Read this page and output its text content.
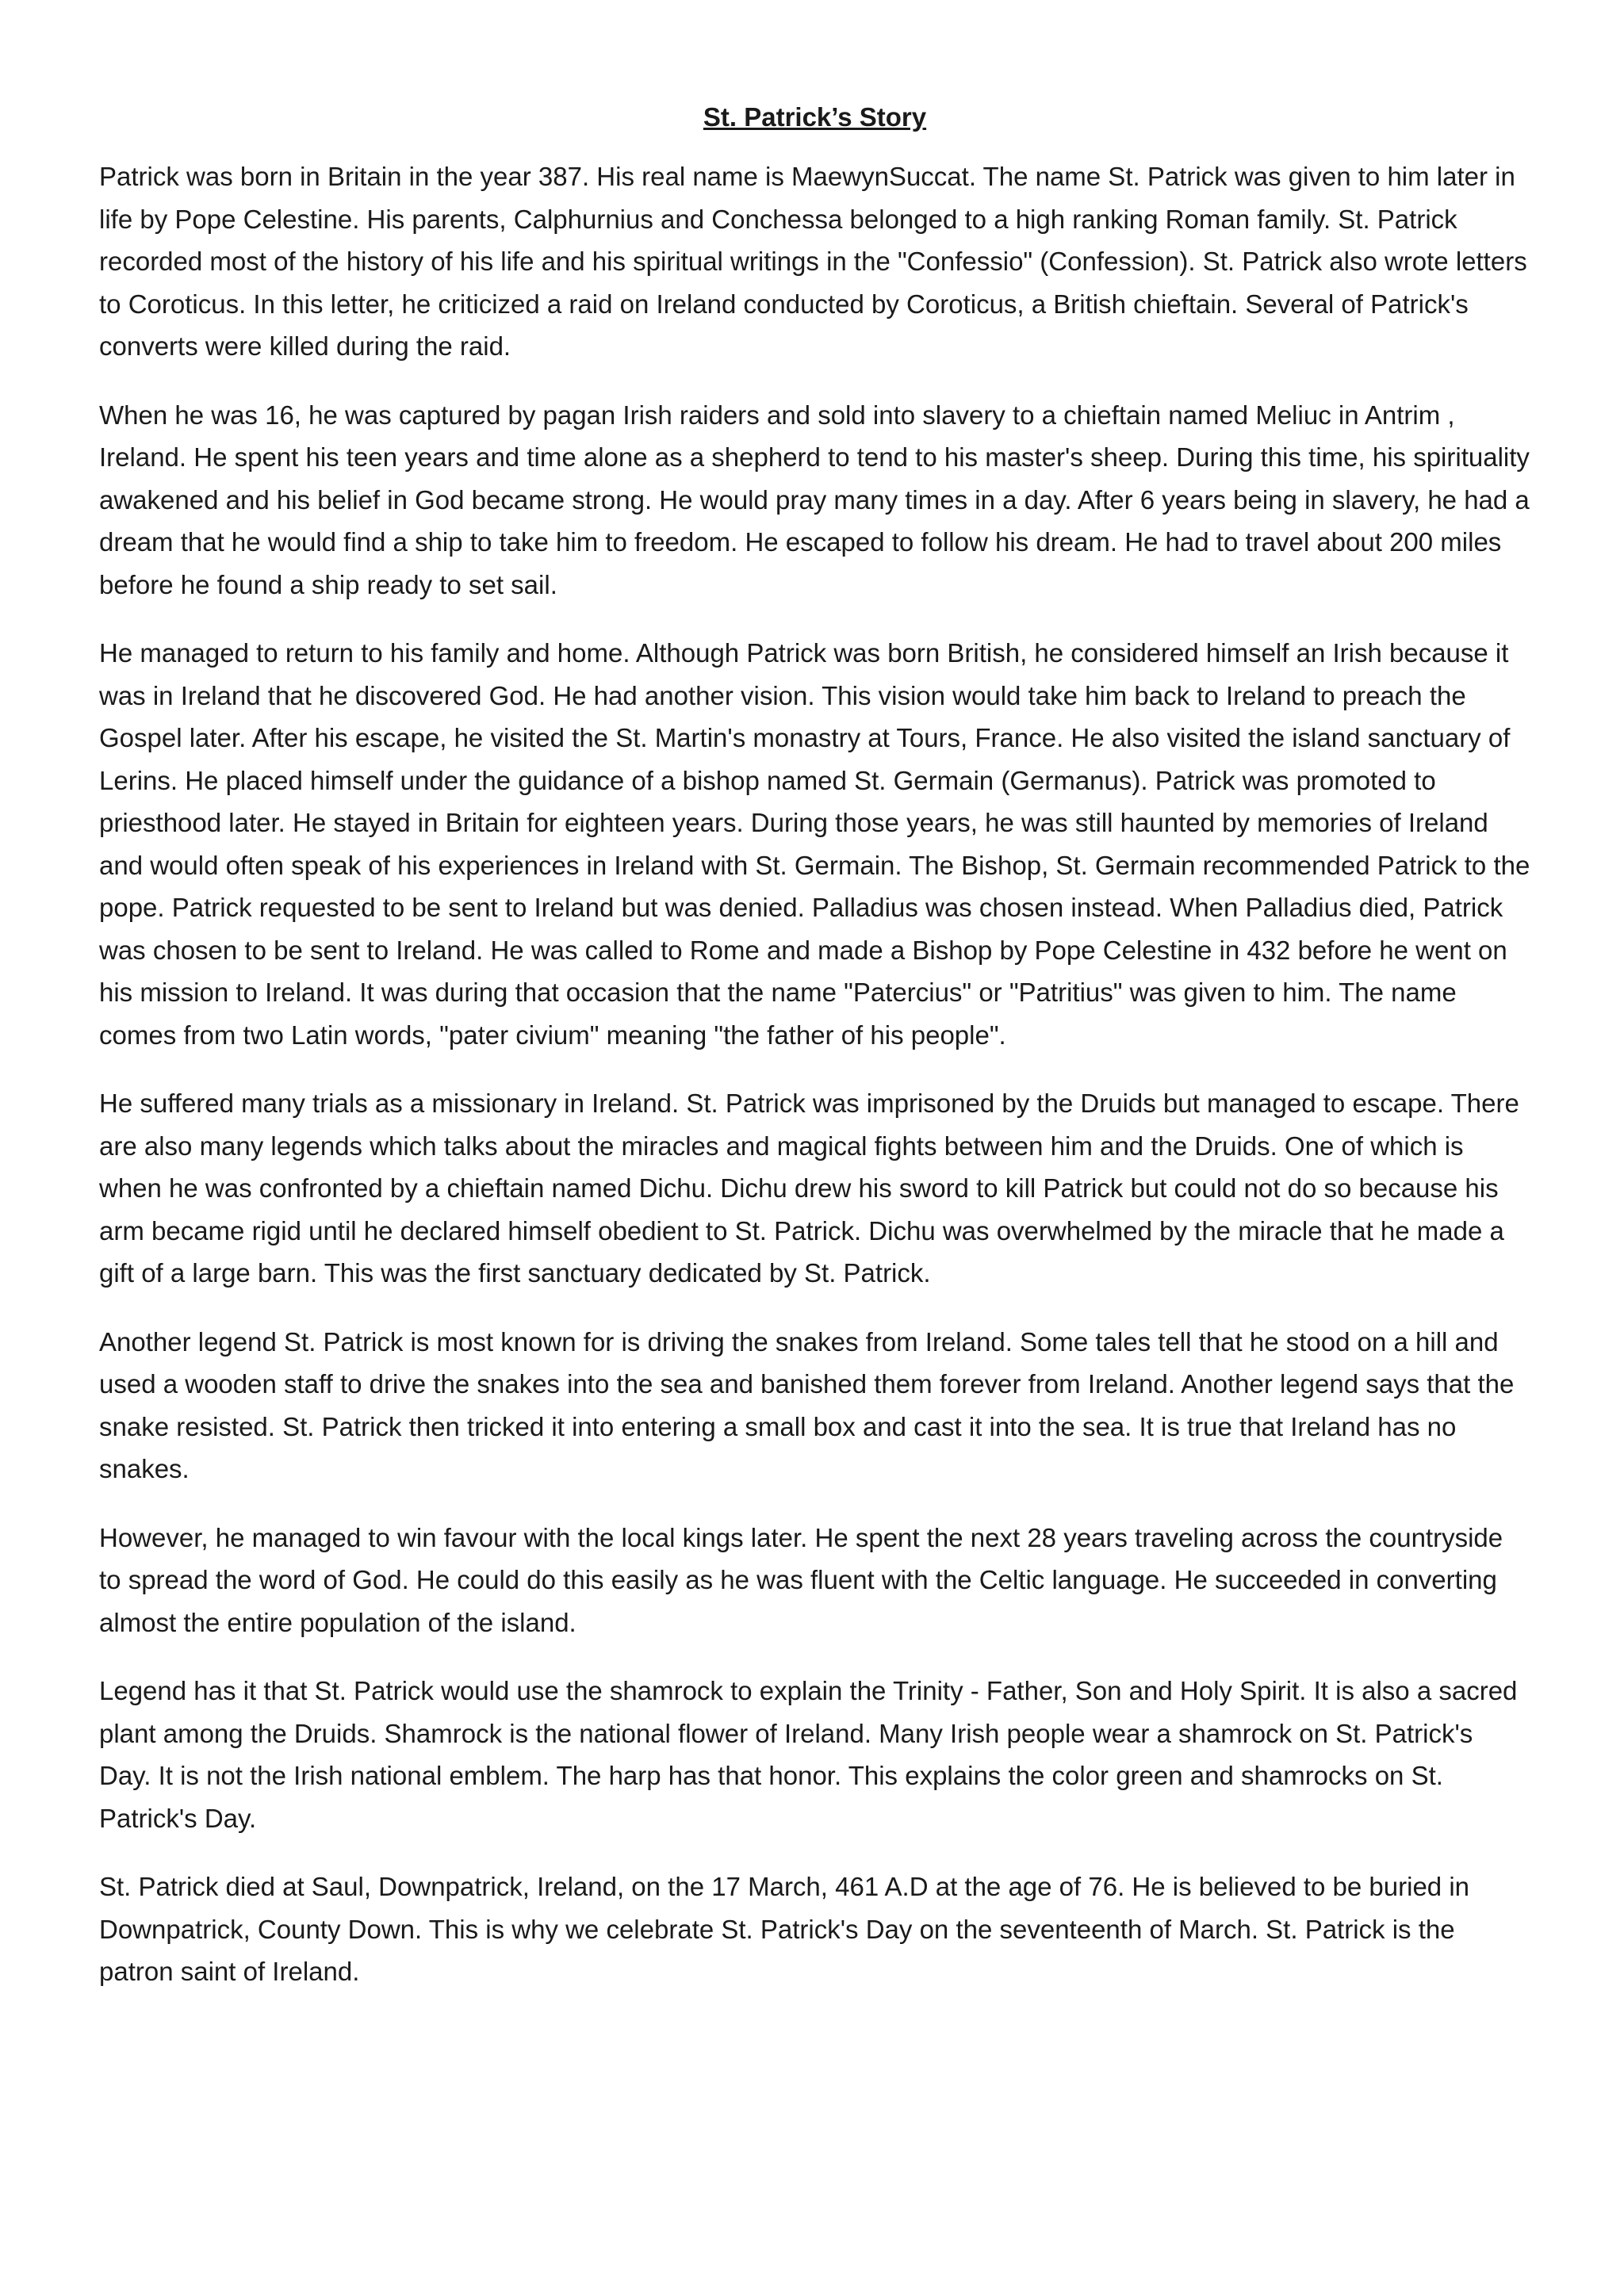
St. Patrick’s Story

Patrick was born in Britain in the year 387. His real name is MaewynSuccat. The name St. Patrick was given to him later in life by Pope Celestine. His parents, Calphurnius and Conchessa belonged to a high ranking Roman family. St. Patrick recorded most of the history of his life and his spiritual writings in the "Confessio" (Confession). St. Patrick also wrote letters to Coroticus. In this letter, he criticized a raid on Ireland conducted by Coroticus, a British chieftain. Several of Patrick's converts were killed during the raid.

When he was 16, he was captured by pagan Irish raiders and sold into slavery to a chieftain named Meliuc in Antrim , Ireland. He spent his teen years and time alone as a shepherd to tend to his master's sheep. During this time, his spirituality awakened and his belief in God became strong. He would pray many times in a day. After 6 years being in slavery, he had a dream that he would find a ship to take him to freedom. He escaped to follow his dream. He had to travel about 200 miles before he found a ship ready to set sail.

He managed to return to his family and home. Although Patrick was born British, he considered himself an Irish because it was in Ireland that he discovered God. He had another vision. This vision would take him back to Ireland to preach the Gospel later. After his escape, he visited the St. Martin's monastry at Tours, France. He also visited the island sanctuary of Lerins. He placed himself under the guidance of a bishop named St. Germain (Germanus). Patrick was promoted to priesthood later. He stayed in Britain for eighteen years. During those years, he was still haunted by memories of Ireland and would often speak of his experiences in Ireland with St. Germain. The Bishop, St. Germain recommended Patrick to the pope. Patrick requested to be sent to Ireland but was denied. Palladius was chosen instead. When Palladius died, Patrick was chosen to be sent to Ireland. He was called to Rome and made a Bishop by Pope Celestine in 432 before he went on his mission to Ireland. It was during that occasion that the name "Patercius" or "Patritius" was given to him. The name comes from two Latin words, "pater civium" meaning "the father of his people".

He suffered many trials as a missionary in Ireland. St. Patrick was imprisoned by the Druids but managed to escape. There are also many legends which talks about the miracles and magical fights between him and the Druids. One of which is when he was confronted by a chieftain named Dichu. Dichu drew his sword to kill Patrick but could not do so because his arm became rigid until he declared himself obedient to St. Patrick. Dichu was overwhelmed by the miracle that he made a gift of a large barn. This was the first sanctuary dedicated by St. Patrick.

Another legend St. Patrick is most known for is driving the snakes from Ireland. Some tales tell that he stood on a hill and used a wooden staff to drive the snakes into the sea and banished them forever from Ireland. Another legend says that the snake resisted. St. Patrick then tricked it into entering a small box and cast it into the sea. It is true that Ireland has no snakes.

However, he managed to win favour with the local kings later. He spent the next 28 years traveling across the countryside to spread the word of God. He could do this easily as he was fluent with the Celtic language. He succeeded in converting almost the entire population of the island.

Legend has it that St. Patrick would use the shamrock to explain the Trinity - Father, Son and Holy Spirit. It is also a sacred plant among the Druids. Shamrock is the national flower of Ireland. Many Irish people wear a shamrock on St. Patrick's Day. It is not the Irish national emblem. The harp has that honor. This explains the color green and shamrocks on St. Patrick's Day.

St. Patrick died at Saul, Downpatrick, Ireland, on the 17 March, 461 A.D at the age of 76. He is believed to be buried in Downpatrick, County Down. This is why we celebrate St. Patrick's Day on the seventeenth of March. St. Patrick is the patron saint of Ireland.
